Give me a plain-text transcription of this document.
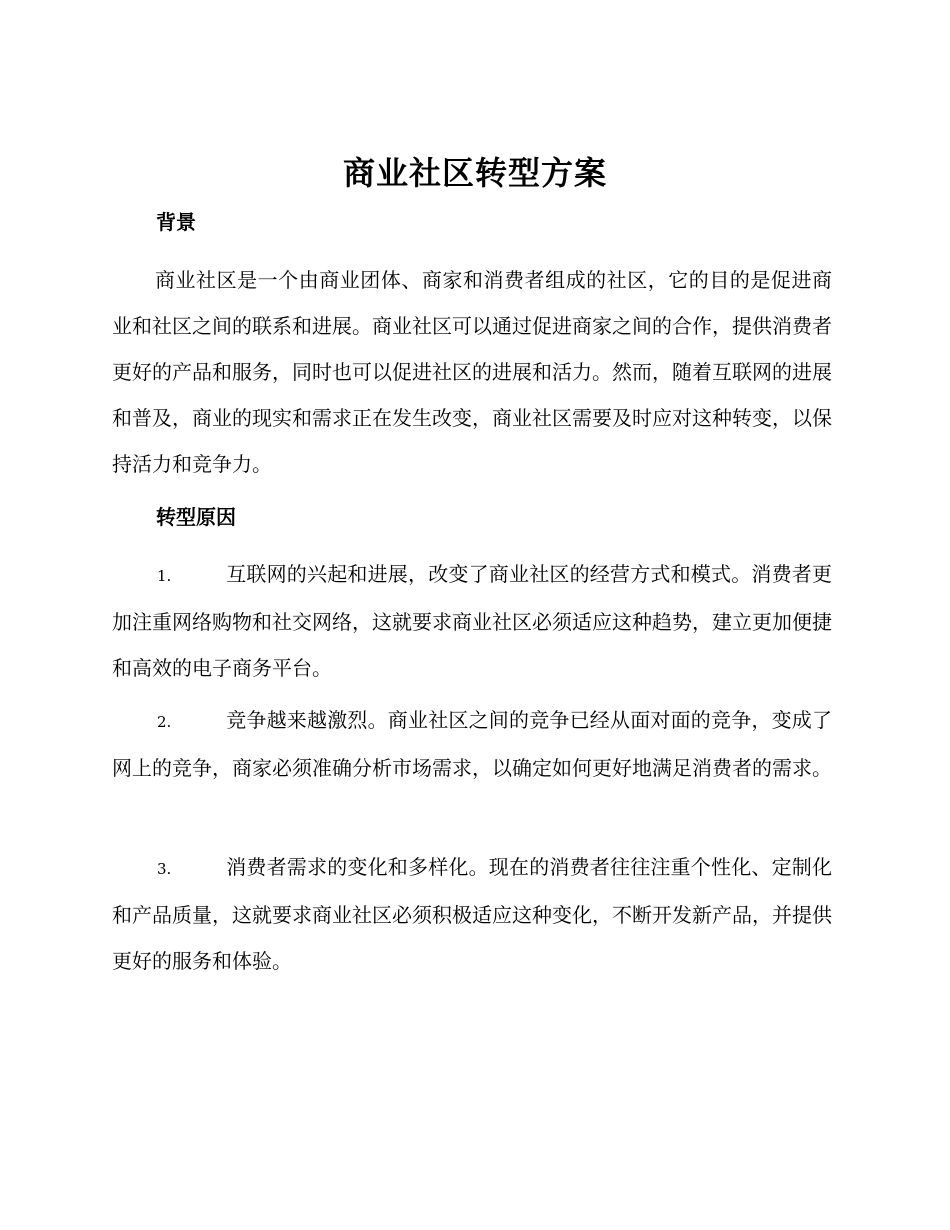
商业社区转型方案
背景

商业社区是一个由商业团体、商家和消费者组成的社区，它的目的是促进商业和社区之间的联系和进展。商业社区可以通过促进商家之间的合作，提供消费者更好的产品和服务，同时也可以促进社区的进展和活力。然而，随着互联网的进展和普及，商业的现实和需求正在发生改变，商业社区需要及时应对这种转变，以保持活力和竞争力。

转型原因

1.	互联网的兴起和进展，改变了商业社区的经营方式和模式。消费者更加注重网络购物和社交网络，这就要求商业社区必须适应这种趋势，建立更加便捷和高效的电子商务平台。

2.	竞争越来越激烈。商业社区之间的竞争已经从面对面的竞争，变成了网上的竞争，商家必须准确分析市场需求，以确定如何更好地满足消费者的需求。

3.	消费者需求的变化和多样化。现在的消费者往往注重个性化、定制化和产品质量，这就要求商业社区必须积极适应这种变化，不断开发新产品，并提供更好的服务和体验。
